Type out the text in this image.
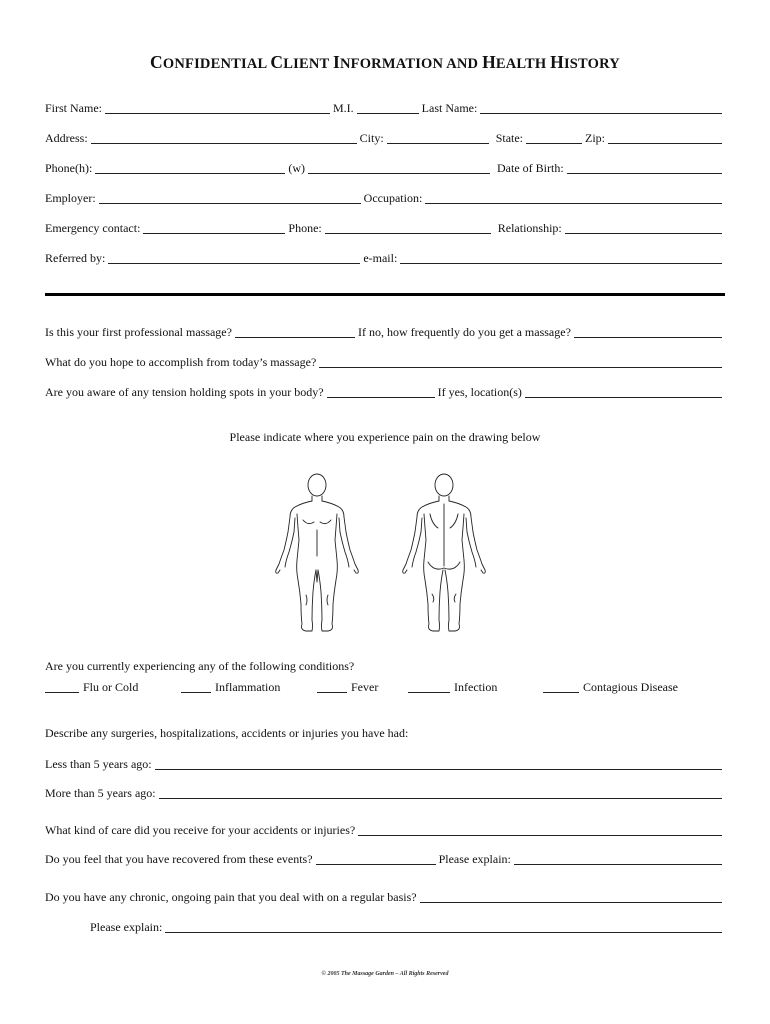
CONFIDENTIAL CLIENT INFORMATION AND HEALTH HISTORY
First Name:	M.I.	Last Name:
Address:	City:	State:	Zip:
Phone(h):	(w)	Date of Birth:
Employer:	Occupation:
Emergency contact:	Phone:	Relationship:
Referred by:	e-mail:
Is this your first professional massage?	If no, how frequently do you get a massage?
What do you hope to accomplish from today’s massage?
Are you aware of any tension holding spots in your body?	If yes, location(s)
Please indicate where you experience pain on the drawing below
Are you currently experiencing any of the following conditions?
Flu or Cold	Inflammation	Fever	Infection	Contagious Disease
Describe any surgeries, hospitalizations, accidents or injuries you have had:
Less than 5 years ago:
More than 5 years ago:
What kind of care did you receive for your accidents or injuries?
Do you feel that you have recovered from these events?	Please explain:
Do you have any chronic, ongoing pain that you deal with on a regular basis?
Please explain:
© 2005 The Massage Garden – All Rights Reserved
